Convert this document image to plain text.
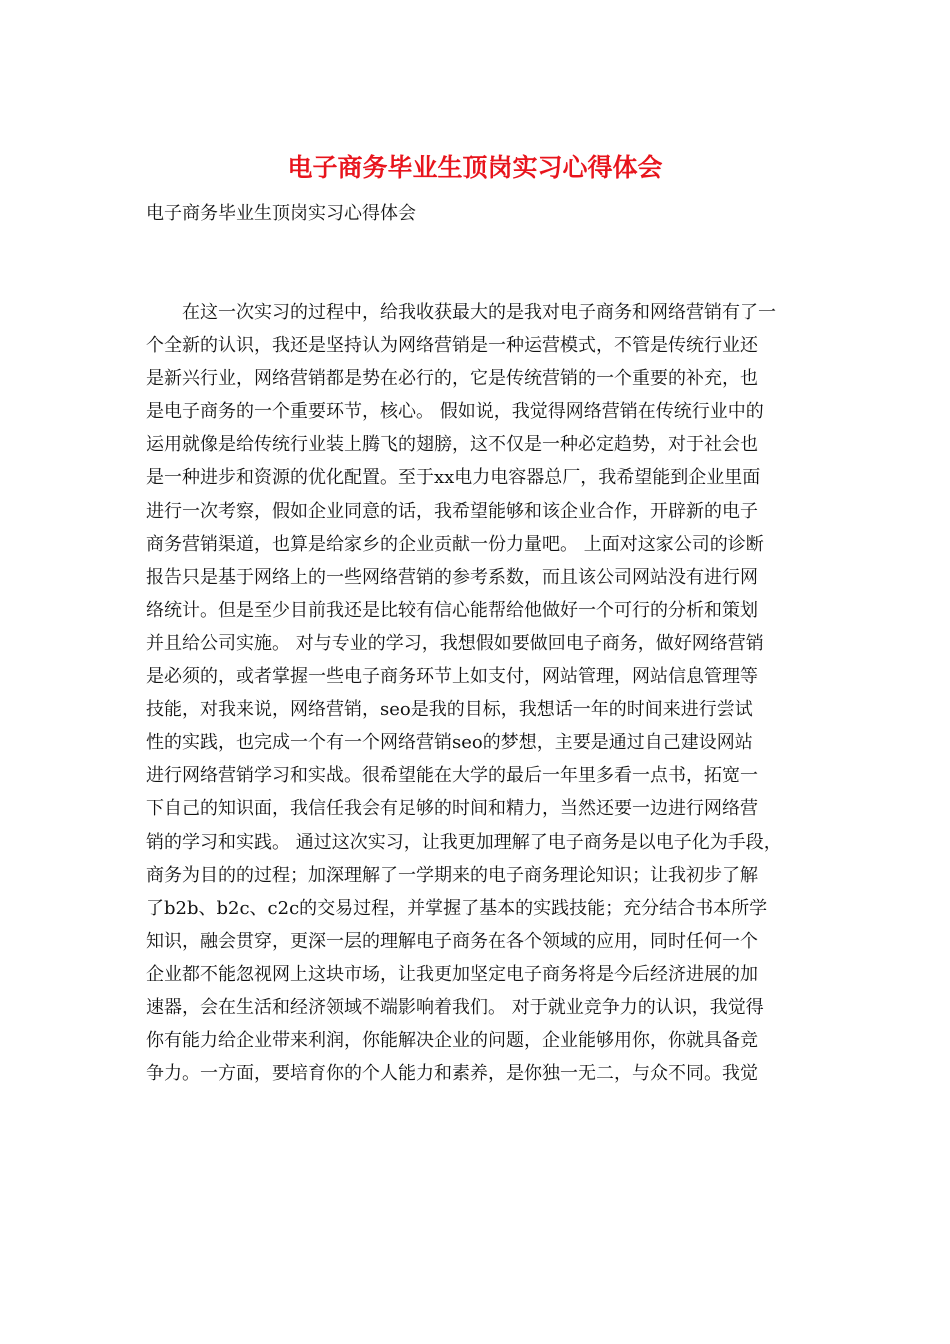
电子商务毕业生顶岗实习心得体会
电子商务毕业生顶岗实习心得体会
　　在这一次实习的过程中，给我收获最大的是我对电子商务和网络营销有了一
个全新的认识，我还是坚持认为网络营销是一种运营模式，不管是传统行业还
是新兴行业，网络营销都是势在必行的，它是传统营销的一个重要的补充，也
是电子商务的一个重要环节，核心。 假如说，我觉得网络营销在传统行业中的
运用就像是给传统行业装上腾飞的翅膀，这不仅是一种必定趋势，对于社会也
是一种进步和资源的优化配置。至于xx电力电容器总厂，我希望能到企业里面
进行一次考察，假如企业同意的话，我希望能够和该企业合作，开辟新的电子
商务营销渠道，也算是给家乡的企业贡献一份力量吧。 上面对这家公司的诊断
报告只是基于网络上的一些网络营销的参考系数，而且该公司网站没有进行网
络统计。但是至少目前我还是比较有信心能帮给他做好一个可行的分析和策划
并且给公司实施。 对与专业的学习，我想假如要做回电子商务，做好网络营销
是必须的，或者掌握一些电子商务环节上如支付，网站管理，网站信息管理等
技能，对我来说，网络营销，seo是我的目标，我想话一年的时间来进行尝试
性的实践，也完成一个有一个网络营销seo的梦想，主要是通过自己建设网站
进行网络营销学习和实战。很希望能在大学的最后一年里多看一点书，拓宽一
下自己的知识面，我信任我会有足够的时间和精力，当然还要一边进行网络营
销的学习和实践。 通过这次实习，让我更加理解了电子商务是以电子化为手段，
商务为目的的过程；加深理解了一学期来的电子商务理论知识；让我初步了解
了b2b、b2c、c2c的交易过程，并掌握了基本的实践技能；充分结合书本所学
知识，融会贯穿，更深一层的理解电子商务在各个领域的应用，同时任何一个
企业都不能忽视网上这块市场，让我更加坚定电子商务将是今后经济进展的加
速器，会在生活和经济领域不端影响着我们。 对于就业竞争力的认识，我觉得
你有能力给企业带来利润，你能解决企业的问题，企业能够用你，你就具备竞
争力。一方面，要培育你的个人能力和素养，是你独一无二，与众不同。我觉
